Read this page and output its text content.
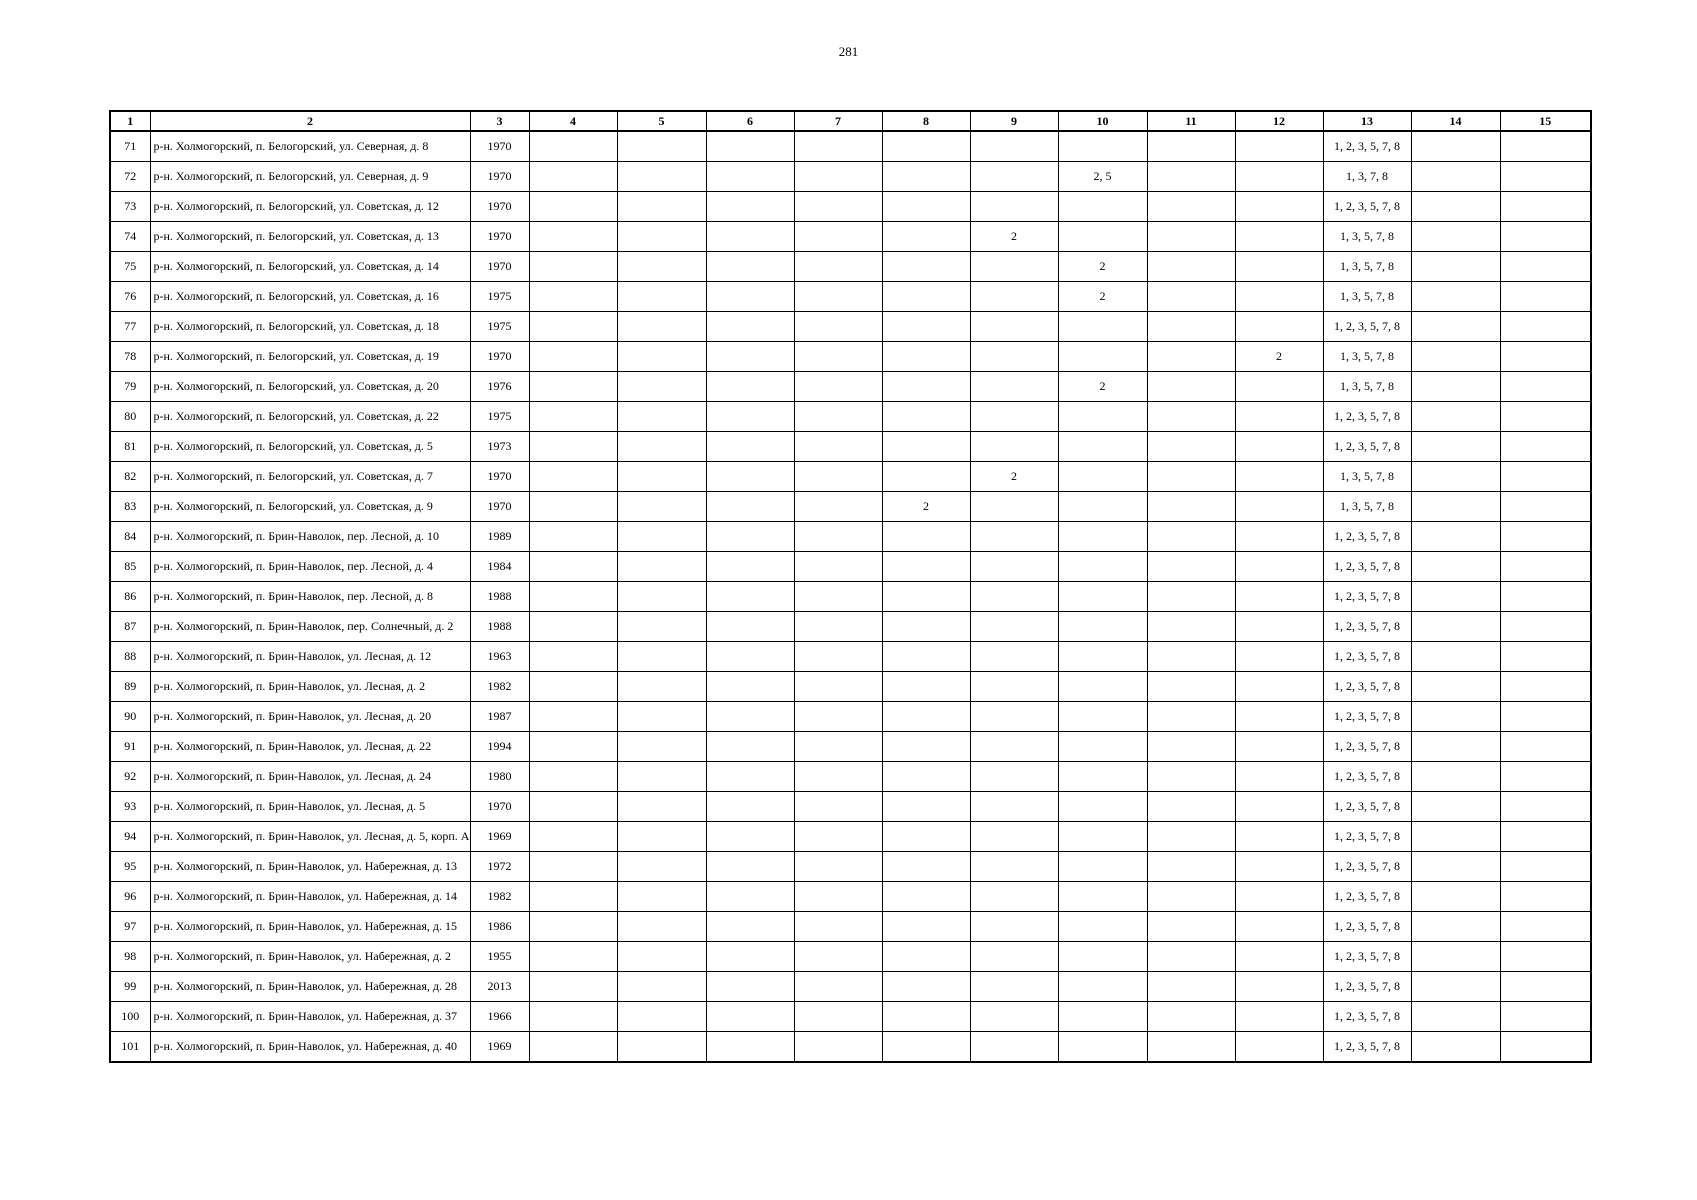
281
1	2	3	4	5	6	7	8	9	10	11	12	13	14	15
71	р-н. Холмогорский, п. Белогорский, ул. Северная, д. 8	1970										1, 2, 3, 5, 7, 8		
72	р-н. Холмогорский, п. Белогорский, ул. Северная, д. 9	1970							2, 5			1, 3, 7, 8		
73	р-н. Холмогорский, п. Белогорский, ул. Советская, д. 12	1970										1, 2, 3, 5, 7, 8		
74	р-н. Холмогорский, п. Белогорский, ул. Советская, д. 13	1970						2				1, 3, 5, 7, 8		
75	р-н. Холмогорский, п. Белогорский, ул. Советская, д. 14	1970							2			1, 3, 5, 7, 8		
76	р-н. Холмогорский, п. Белогорский, ул. Советская, д. 16	1975							2			1, 3, 5, 7, 8		
77	р-н. Холмогорский, п. Белогорский, ул. Советская, д. 18	1975										1, 2, 3, 5, 7, 8		
78	р-н. Холмогорский, п. Белогорский, ул. Советская, д. 19	1970									2	1, 3, 5, 7, 8		
79	р-н. Холмогорский, п. Белогорский, ул. Советская, д. 20	1976							2			1, 3, 5, 7, 8		
80	р-н. Холмогорский, п. Белогорский, ул. Советская, д. 22	1975										1, 2, 3, 5, 7, 8		
81	р-н. Холмогорский, п. Белогорский, ул. Советская, д. 5	1973										1, 2, 3, 5, 7, 8		
82	р-н. Холмогорский, п. Белогорский, ул. Советская, д. 7	1970						2				1, 3, 5, 7, 8		
83	р-н. Холмогорский, п. Белогорский, ул. Советская, д. 9	1970					2					1, 3, 5, 7, 8		
84	р-н. Холмогорский, п. Брин-Наволок, пер. Лесной, д. 10	1989										1, 2, 3, 5, 7, 8		
85	р-н. Холмогорский, п. Брин-Наволок, пер. Лесной, д. 4	1984										1, 2, 3, 5, 7, 8		
86	р-н. Холмогорский, п. Брин-Наволок, пер. Лесной, д. 8	1988										1, 2, 3, 5, 7, 8		
87	р-н. Холмогорский, п. Брин-Наволок, пер. Солнечный, д. 2	1988										1, 2, 3, 5, 7, 8		
88	р-н. Холмогорский, п. Брин-Наволок, ул. Лесная, д. 12	1963										1, 2, 3, 5, 7, 8		
89	р-н. Холмогорский, п. Брин-Наволок, ул. Лесная, д. 2	1982										1, 2, 3, 5, 7, 8		
90	р-н. Холмогорский, п. Брин-Наволок, ул. Лесная, д. 20	1987										1, 2, 3, 5, 7, 8		
91	р-н. Холмогорский, п. Брин-Наволок, ул. Лесная, д. 22	1994										1, 2, 3, 5, 7, 8		
92	р-н. Холмогорский, п. Брин-Наволок, ул. Лесная, д. 24	1980										1, 2, 3, 5, 7, 8		
93	р-н. Холмогорский, п. Брин-Наволок, ул. Лесная, д. 5	1970										1, 2, 3, 5, 7, 8		
94	р-н. Холмогорский, п. Брин-Наволок, ул. Лесная, д. 5, корп. А	1969										1, 2, 3, 5, 7, 8		
95	р-н. Холмогорский, п. Брин-Наволок, ул. Набережная, д. 13	1972										1, 2, 3, 5, 7, 8		
96	р-н. Холмогорский, п. Брин-Наволок, ул. Набережная, д. 14	1982										1, 2, 3, 5, 7, 8		
97	р-н. Холмогорский, п. Брин-Наволок, ул. Набережная, д. 15	1986										1, 2, 3, 5, 7, 8		
98	р-н. Холмогорский, п. Брин-Наволок, ул. Набережная, д. 2	1955										1, 2, 3, 5, 7, 8		
99	р-н. Холмогорский, п. Брин-Наволок, ул. Набережная, д. 28	2013										1, 2, 3, 5, 7, 8		
100	р-н. Холмогорский, п. Брин-Наволок, ул. Набережная, д. 37	1966										1, 2, 3, 5, 7, 8		
101	р-н. Холмогорский, п. Брин-Наволок, ул. Набережная, д. 40	1969										1, 2, 3, 5, 7, 8		
